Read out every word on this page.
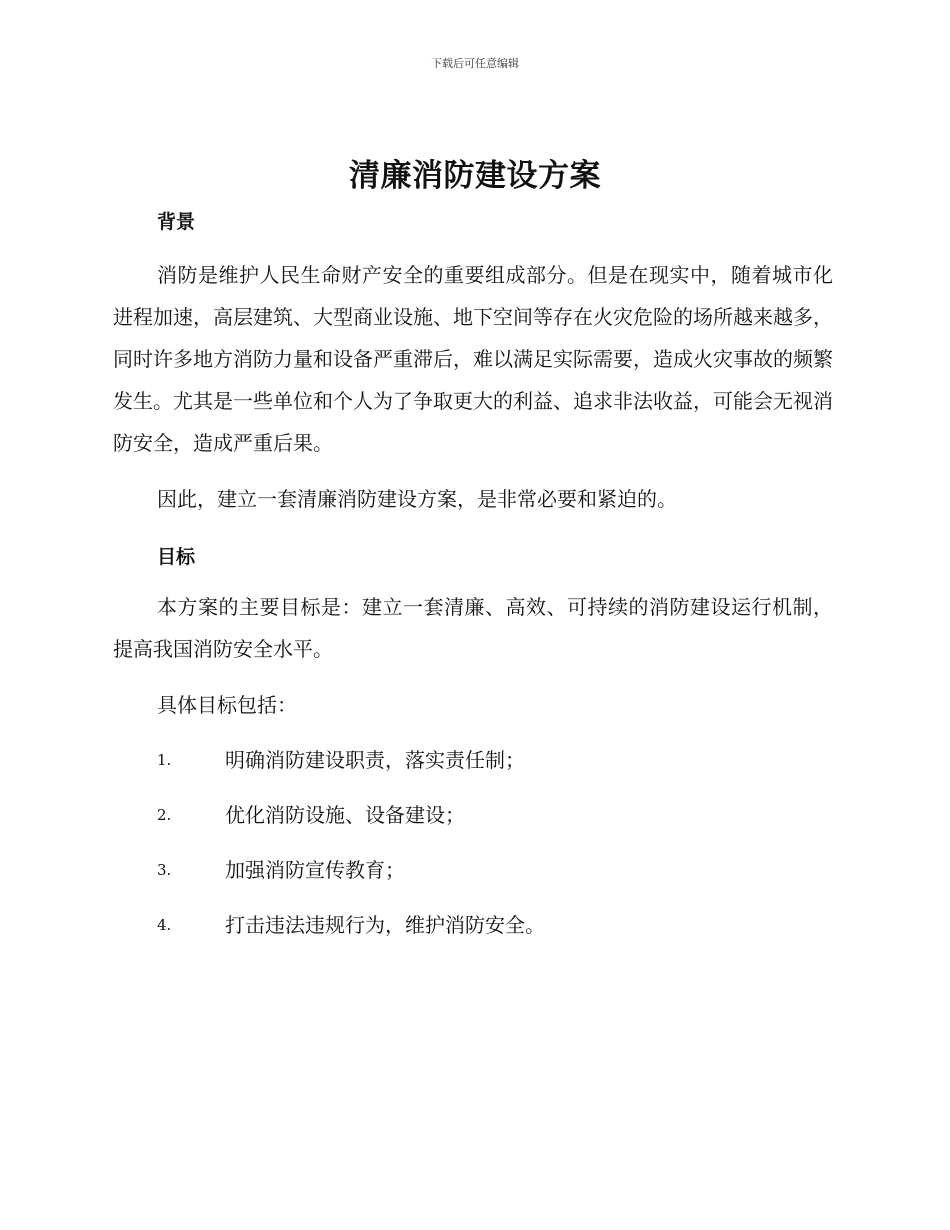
下载后可任意编辑
清廉消防建设方案
背景

消防是维护人民生命财产安全的重要组成部分。但是在现实中，随着城市化进程加速，高层建筑、大型商业设施、地下空间等存在火灾危险的场所越来越多，同时许多地方消防力量和设备严重滞后，难以满足实际需要，造成火灾事故的频繁发生。尤其是一些单位和个人为了争取更大的利益、追求非法收益，可能会无视消防安全，造成严重后果。

因此，建立一套清廉消防建设方案，是非常必要和紧迫的。

目标

本方案的主要目标是：建立一套清廉、高效、可持续的消防建设运行机制，提高我国消防安全水平。

具体目标包括：

1.	明确消防建设职责，落实责任制；
2.	优化消防设施、设备建设；
3.	加强消防宣传教育；
4.	打击违法违规行为，维护消防安全。
